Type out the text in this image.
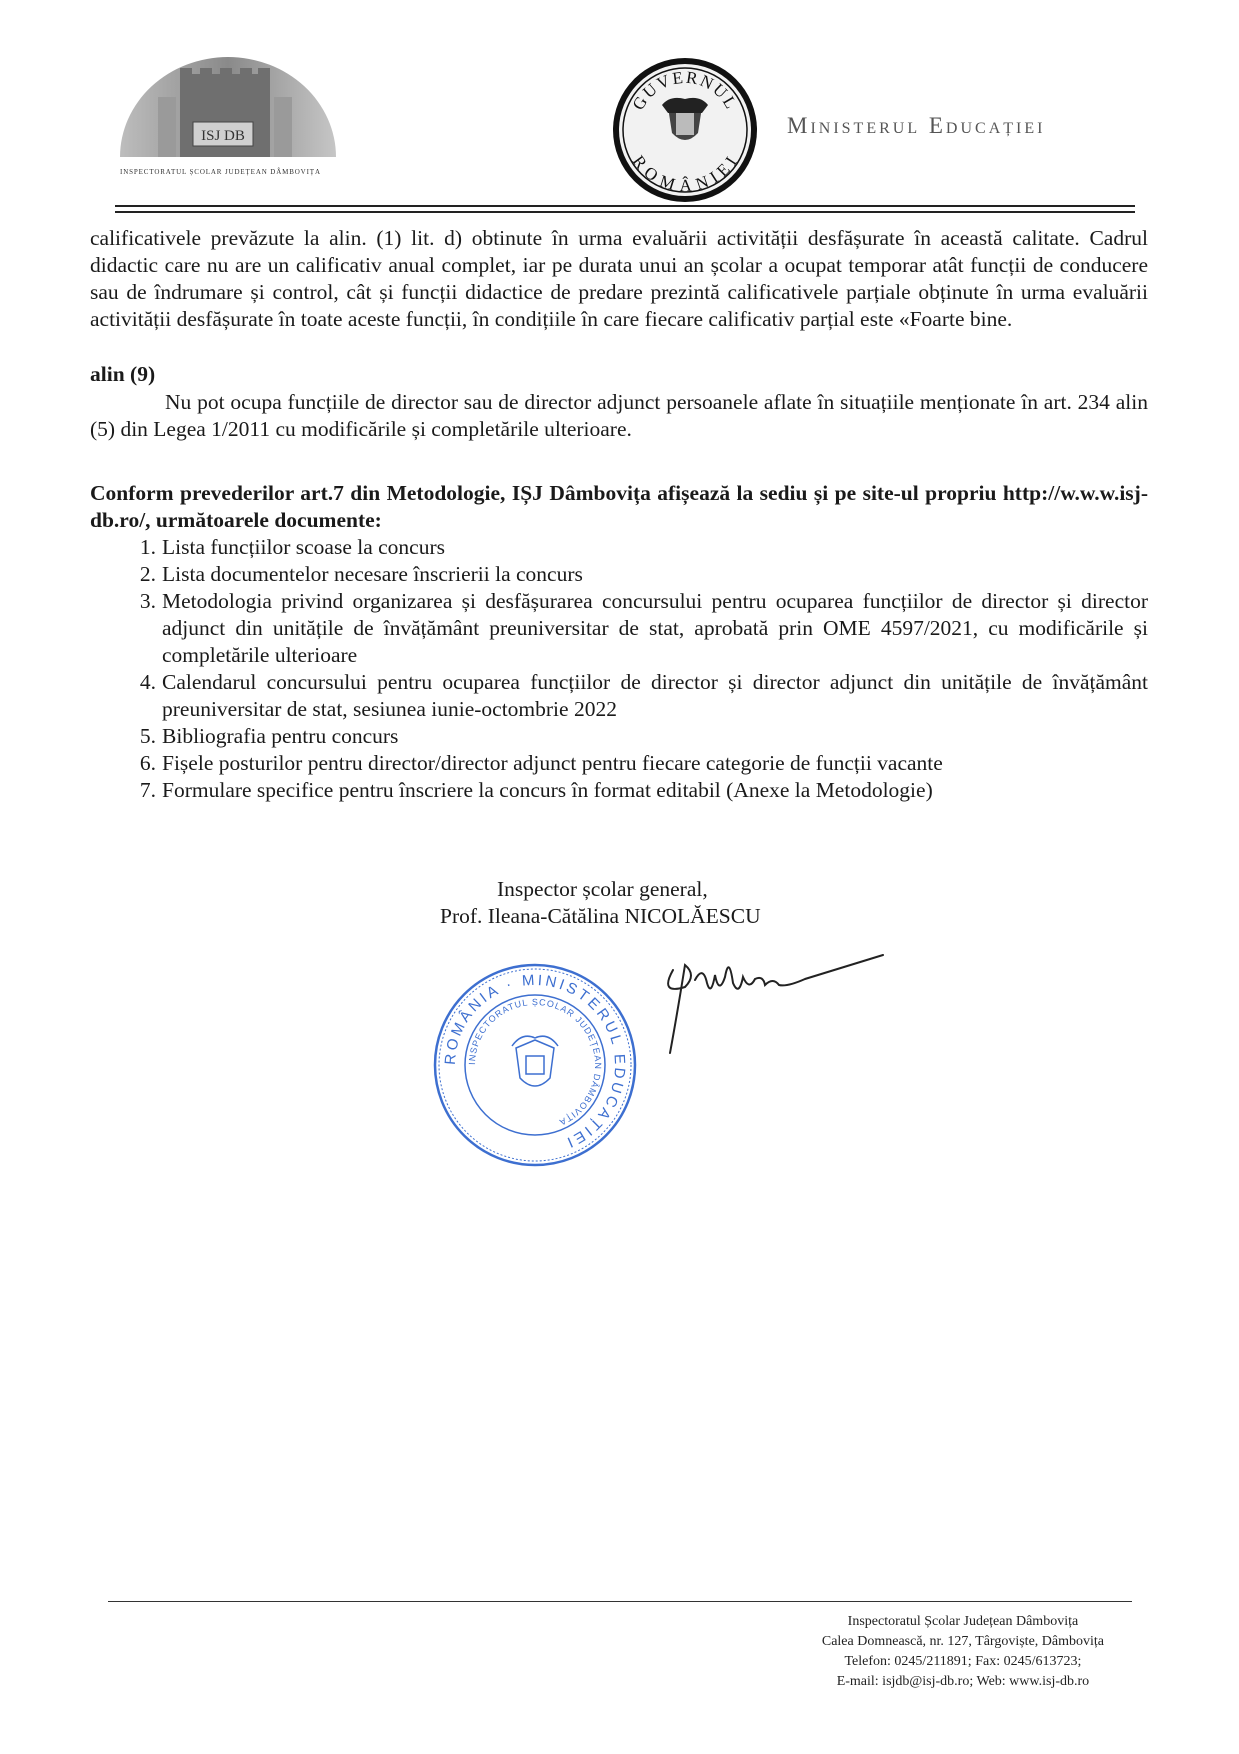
ISJ DB
INSPECTORATUL ȘCOLAR JUDEȚEAN DÂMBOVIȚA
GUVERNUL
ROMÂNIEI
Ministerul Educației
calificativele prevăzute la alin. (1) lit. d) obtinute în urma evaluării activității desfășurate în această calitate. Cadrul didactic care nu are un calificativ anual complet, iar pe durata unui an școlar a ocupat temporar atât funcții de conducere sau de îndrumare și control, cât și funcții didactice de predare prezintă calificativele parțiale obținute în urma evaluării activității desfășurate în toate aceste funcții, în condițiile în care fiecare calificativ parțial este «Foarte bine.
alin (9)
Nu pot ocupa funcțiile de director sau de director adjunct persoanele aflate în situațiile menționate în art. 234 alin (5) din Legea 1/2011 cu modificările și completările ulterioare.
Conform prevederilor art.7 din Metodologie, IȘJ Dâmbovița afișează la sediu și pe site-ul propriu http://w.w.w.isj-db.ro/, următoarele documente:
1. Lista funcțiilor scoase la concurs
2. Lista documentelor necesare înscrierii la concurs
3. Metodologia privind organizarea și desfășurarea concursului pentru ocuparea funcțiilor de director și director adjunct din unitățile de învățământ preuniversitar de stat, aprobată prin OME 4597/2021, cu modificările și completările ulterioare
4. Calendarul concursului pentru ocuparea funcțiilor de director și director adjunct din unitățile de învățământ preuniversitar de stat, sesiunea iunie-octombrie 2022
5. Bibliografia pentru concurs
6. Fișele posturilor pentru director/director adjunct pentru fiecare categorie de funcții vacante
7. Formulare specifice pentru înscriere la concurs în format editabil (Anexe la Metodologie)
Inspector școlar general,
Prof. Ileana-Cătălina NICOLĂESCU
ROMÂNIA · MINISTERUL EDUCAȚIEI
INSPECTORATUL ȘCOLAR JUDEȚEAN DÂMBOVIȚA
Inspectoratul Școlar Județean Dâmbovița
Calea Domnească, nr. 127, Târgoviște, Dâmbovița
Telefon: 0245/211891; Fax: 0245/613723;
E-mail: isjdb@isj-db.ro; Web: www.isj-db.ro
